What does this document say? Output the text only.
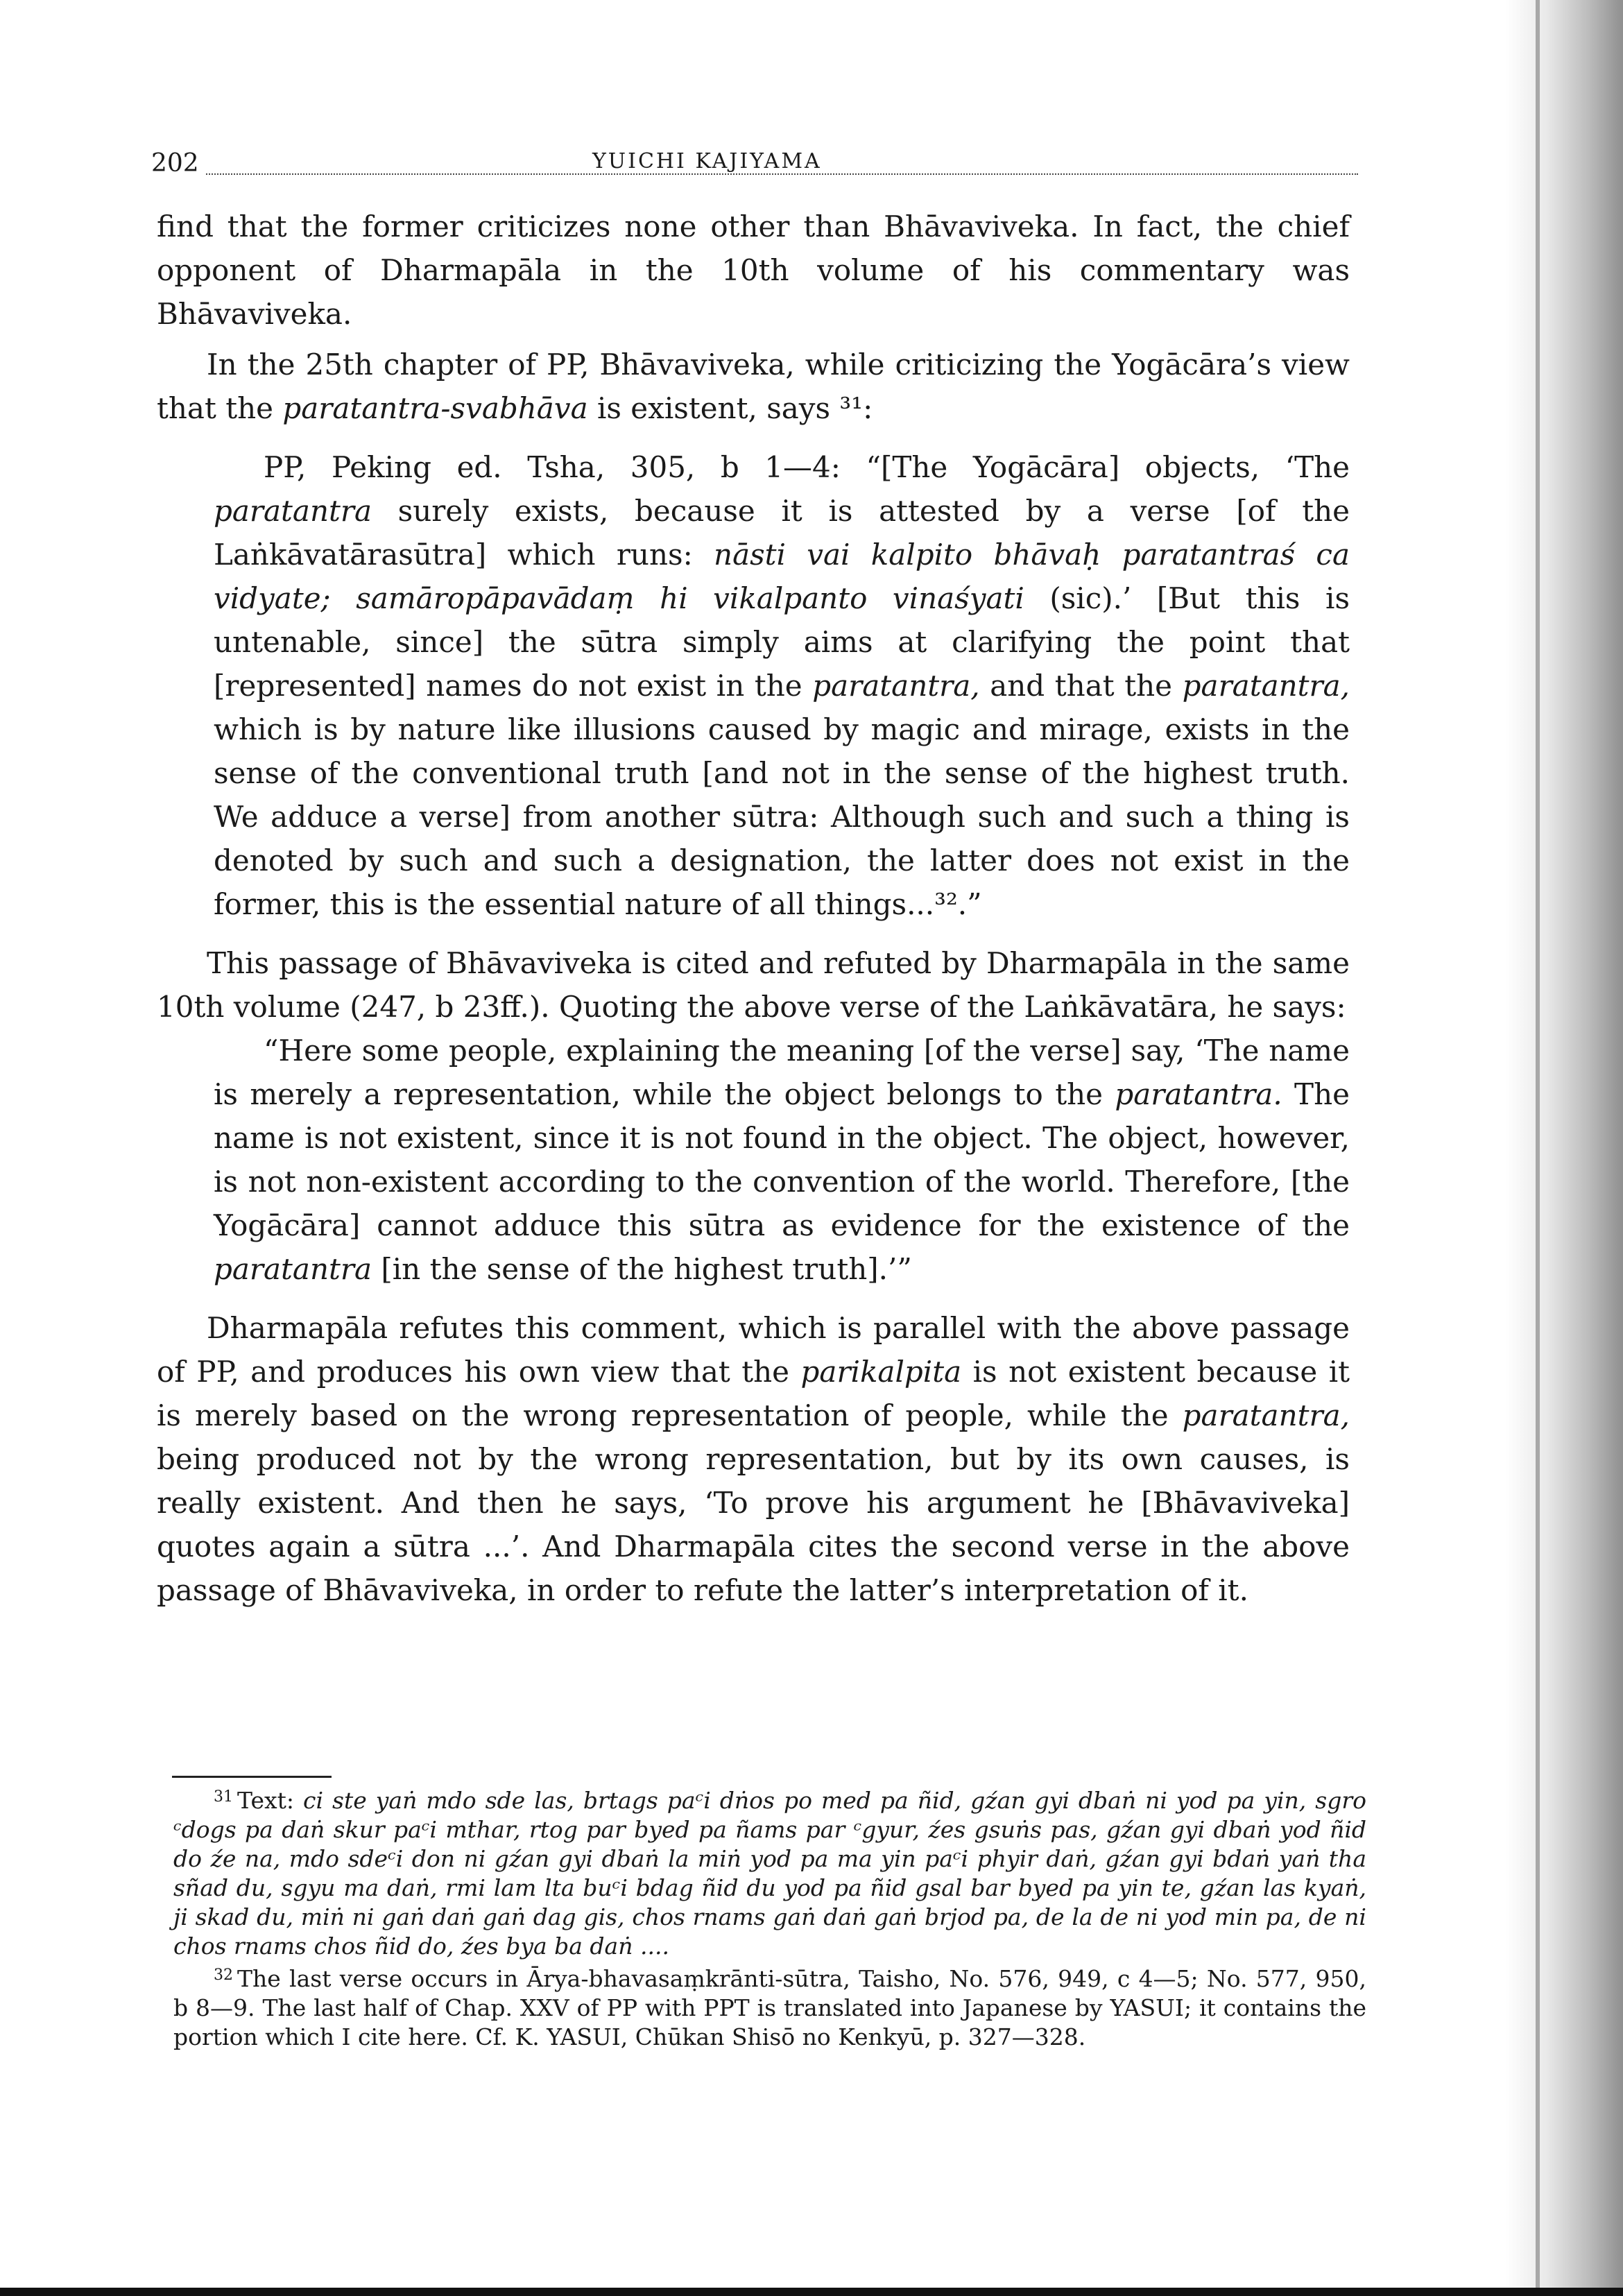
202	YUICHI KAJIYAMA

find that the former criticizes none other than Bhāvaviveka. In fact, the chief opponent of Dharmapāla in the 10th volume of his commentary was Bhāvaviveka.

In the 25th chapter of PP, Bhāvaviveka, while criticizing the Yogācāra’s view that the paratantra-svabhāva is existent, says ³¹:

PP, Peking ed. Tsha, 305, b 1—4: “[The Yogācāra] objects, ‘The paratantra surely exists, because it is attested by a verse [of the Laṅkāvatārasūtra] which runs: nāsti vai kalpito bhāvaḥ paratantraś ca vidyate; samāropāpavādaṃ hi vikalpanto vinaśyati (sic).’ [But this is untenable, since] the sūtra simply aims at clarifying the point that [represented] names do not exist in the paratantra, and that the paratantra, which is by nature like illusions caused by magic and mirage, exists in the sense of the conventional truth [and not in the sense of the highest truth. We adduce a verse] from another sūtra: Although such and such a thing is denoted by such and such a designation, the latter does not exist in the former, this is the essential nature of all things...³².”

This passage of Bhāvaviveka is cited and refuted by Dharmapāla in the same 10th volume (247, b 23ff.). Quoting the above verse of the Laṅkāvatāra, he says:

“Here some people, explaining the meaning [of the verse] say, ‘The name is merely a representation, while the object belongs to the paratantra. The name is not existent, since it is not found in the object. The object, however, is not non-existent according to the convention of the world. Therefore, [the Yogācāra] cannot adduce this sūtra as evidence for the existence of the paratantra [in the sense of the highest truth].’”

Dharmapāla refutes this comment, which is parallel with the above passage of PP, and produces his own view that the parikalpita is not existent because it is merely based on the wrong representation of people, while the paratantra, being produced not by the wrong representation, but by its own causes, is really existent. And then he says, ‘To prove his argument he [Bhāvaviveka] quotes again a sūtra ...’. And Dharmapāla cites the second verse in the above passage of Bhāvaviveka, in order to refute the latter’s interpretation of it.

$^{31}$ Text: ci ste yaṅ mdo sde las, brtags paᶜi dṅos po med pa ñid, gźan gyi dbaṅ ni yod pa yin, sgro ᶜdogs pa daṅ skur paᶜi mthar, rtog par byed pa ñams par ᶜgyur, źes gsuṅs pas, gźan gyi dbaṅ yod ñid do źe na, mdo sdeᶜi don ni gźan gyi dbaṅ la miṅ yod pa ma yin paᶜi phyir daṅ, gźan gyi bdaṅ yaṅ tha sñad du, sgyu ma daṅ, rmi lam lta buᶜi bdag ñid du yod pa ñid gsal bar byed pa yin te, gźan las kyaṅ, ji skad du, miṅ ni gaṅ daṅ gaṅ dag gis, chos rnams gaṅ daṅ gaṅ brjod pa, de la de ni yod min pa, de ni chos rnams chos ñid do, źes bya ba daṅ ....

$^{32}$ The last verse occurs in Ārya-bhavasaṃkrānti-sūtra, Taisho, No. 576, 949, c 4—5; No. 577, 950, b 8—9. The last half of Chap. XXV of PP with PPT is translated into Japanese by YASUI; it contains the portion which I cite here. Cf. K. YASUI, Chūkan Shisō no Kenkyū, p. 327—328.
